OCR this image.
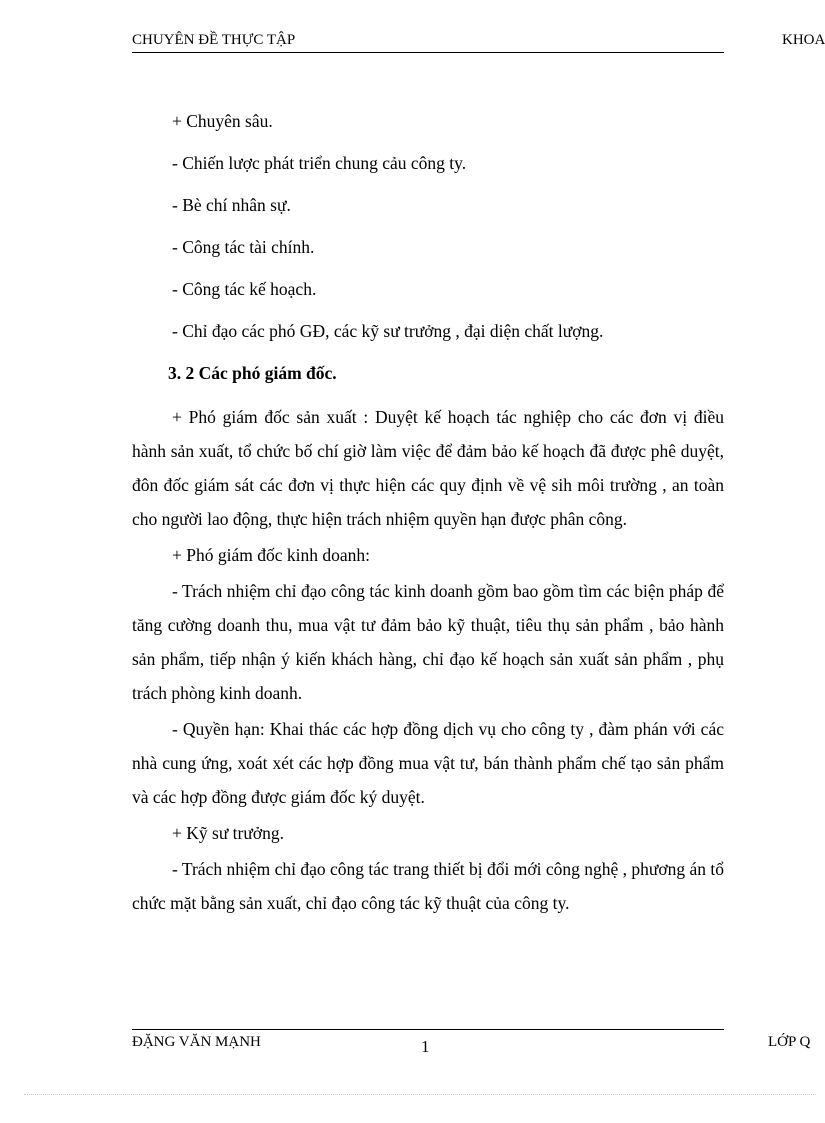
CHUYÊN ĐỀ THỰC TẬP	KHOA
+ Chuyên sâu.
- Chiến lược phát triển chung cảu công ty.
- Bè chí nhân sự.
- Công tác tài chính.
- Công tác kế hoạch.
- Chỉ đạo các phó GĐ, các kỹ sư trưởng , đại diện chất lượng.
3. 2 Các phó giám đốc.

+ Phó giám đốc sản xuất : Duyệt kế hoạch tác nghiệp cho các đơn vị điều hành sản xuất, tổ chức bố chí giờ làm việc để đảm bảo kế hoạch đã được phê duyệt, đôn đốc giám sát các đơn vị thực hiện các quy định về vệ sih môi trường , an toàn cho người lao động, thực hiện trách nhiệm quyền hạn được phân công.

+ Phó giám đốc kinh doanh:

- Trách nhiệm chỉ đạo công tác kinh doanh gồm bao gồm tìm các biện pháp để tăng cường doanh thu, mua vật tư đảm bảo kỹ thuật, tiêu thụ sản phẩm , bảo hành sản phẩm, tiếp nhận ý kiến khách hàng, chỉ đạo kế hoạch sản xuất sản phẩm , phụ trách phòng kinh doanh.

- Quyền hạn: Khai thác các hợp đồng dịch vụ cho công ty , đàm phán với các nhà cung ứng, xoát xét các hợp đồng mua vật tư, bán thành phẩm chế tạo sản phẩm và các hợp đồng được giám đốc ký duyệt.

+ Kỹ sư trưởng.

- Trách nhiệm chỉ đạo công tác trang thiết bị đổi mới công nghệ , phương án tổ chức mặt bằng sản xuất, chỉ đạo công tác kỹ thuật của công ty.

ĐẶNG VĂN MẠNH	1	LỚP Q
